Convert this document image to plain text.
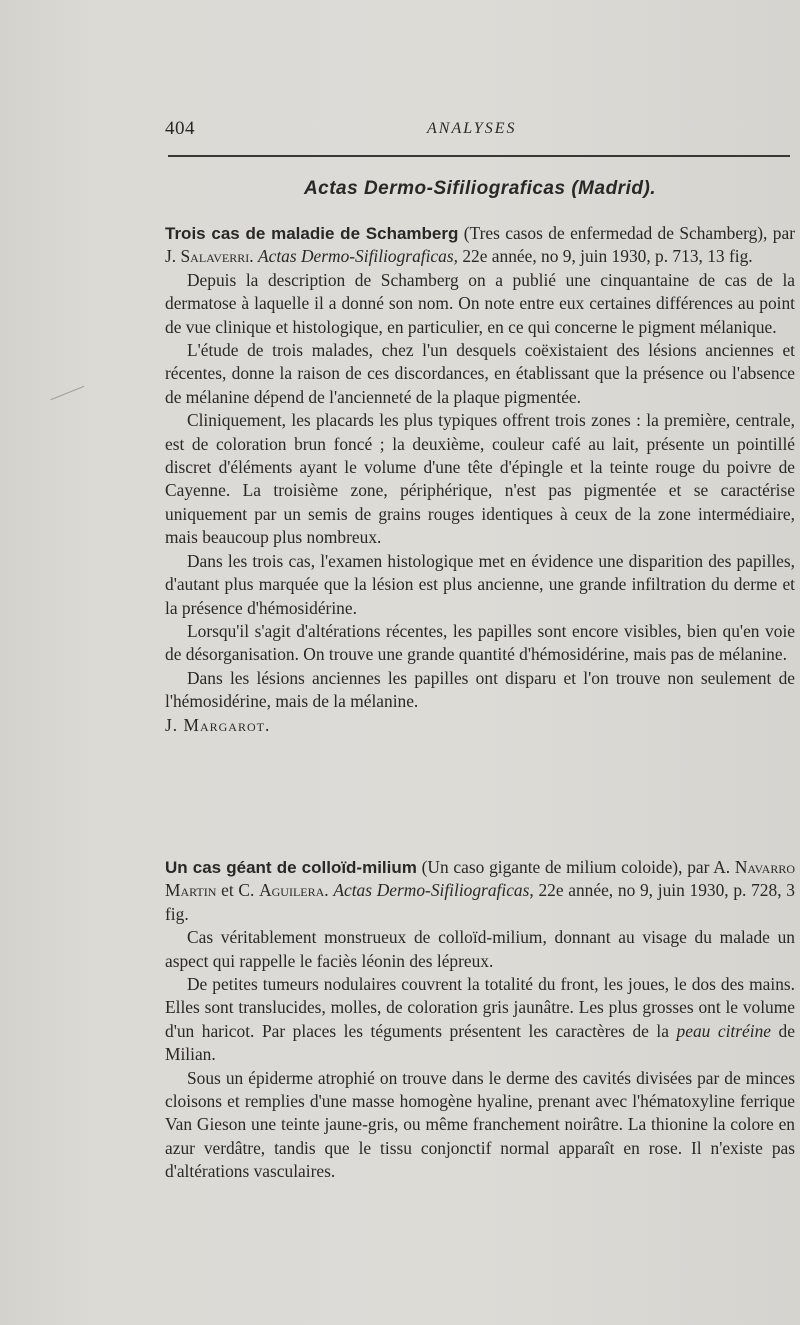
404	ANALYSES
Actas Dermo-Sifiliograficas (Madrid).

Trois cas de maladie de Schamberg (Tres casos de enfermedad de Schamberg), par J. Salaverri. Actas Dermo-Sifiliograficas, 22e année, no 9, juin 1930, p. 713, 13 fig.

Depuis la description de Schamberg on a publié une cinquantaine de cas de la dermatose à laquelle il a donné son nom. On note entre eux certaines différences au point de vue clinique et histologique, en particulier, en ce qui concerne le pigment mélanique.

L'étude de trois malades, chez l'un desquels coëxistaient des lésions anciennes et récentes, donne la raison de ces discordances, en établissant que la présence ou l'absence de mélanine dépend de l'ancienneté de la plaque pigmentée.

Cliniquement, les placards les plus typiques offrent trois zones : la première, centrale, est de coloration brun foncé ; la deuxième, couleur café au lait, présente un pointillé discret d'éléments ayant le volume d'une tête d'épingle et la teinte rouge du poivre de Cayenne. La troisième zone, périphérique, n'est pas pigmentée et se caractérise uniquement par un semis de grains rouges identiques à ceux de la zone intermédiaire, mais beaucoup plus nombreux.

Dans les trois cas, l'examen histologique met en évidence une disparition des papilles, d'autant plus marquée que la lésion est plus ancienne, une grande infiltration du derme et la présence d'hémosidérine.

Lorsqu'il s'agit d'altérations récentes, les papilles sont encore visibles, bien qu'en voie de désorganisation. On trouve une grande quantité d'hémosidérine, mais pas de mélanine.

Dans les lésions anciennes les papilles ont disparu et l'on trouve non seulement de l'hémosidérine, mais de la mélanine.

J. Margarot.

Un cas géant de colloïd-milium (Un caso gigante de milium coloide), par A. Navarro Martin et C. Aguilera. Actas Dermo-Sifiliograficas, 22e année, no 9, juin 1930, p. 728, 3 fig.

Cas véritablement monstrueux de colloïd-milium, donnant au visage du malade un aspect qui rappelle le faciès léonin des lépreux.

De petites tumeurs nodulaires couvrent la totalité du front, les joues, le dos des mains. Elles sont translucides, molles, de coloration gris jaunâtre. Les plus grosses ont le volume d'un haricot. Par places les téguments présentent les caractères de la peau citréine de Milian.

Sous un épiderme atrophié on trouve dans le derme des cavités divisées par de minces cloisons et remplies d'une masse homogène hyaline, prenant avec l'hématoxyline ferrique Van Gieson une teinte jaune-gris, ou même franchement noirâtre. La thionine la colore en azur verdâtre, tandis que le tissu conjonctif normal apparaît en rose. Il n'existe pas d'altérations vasculaires.
